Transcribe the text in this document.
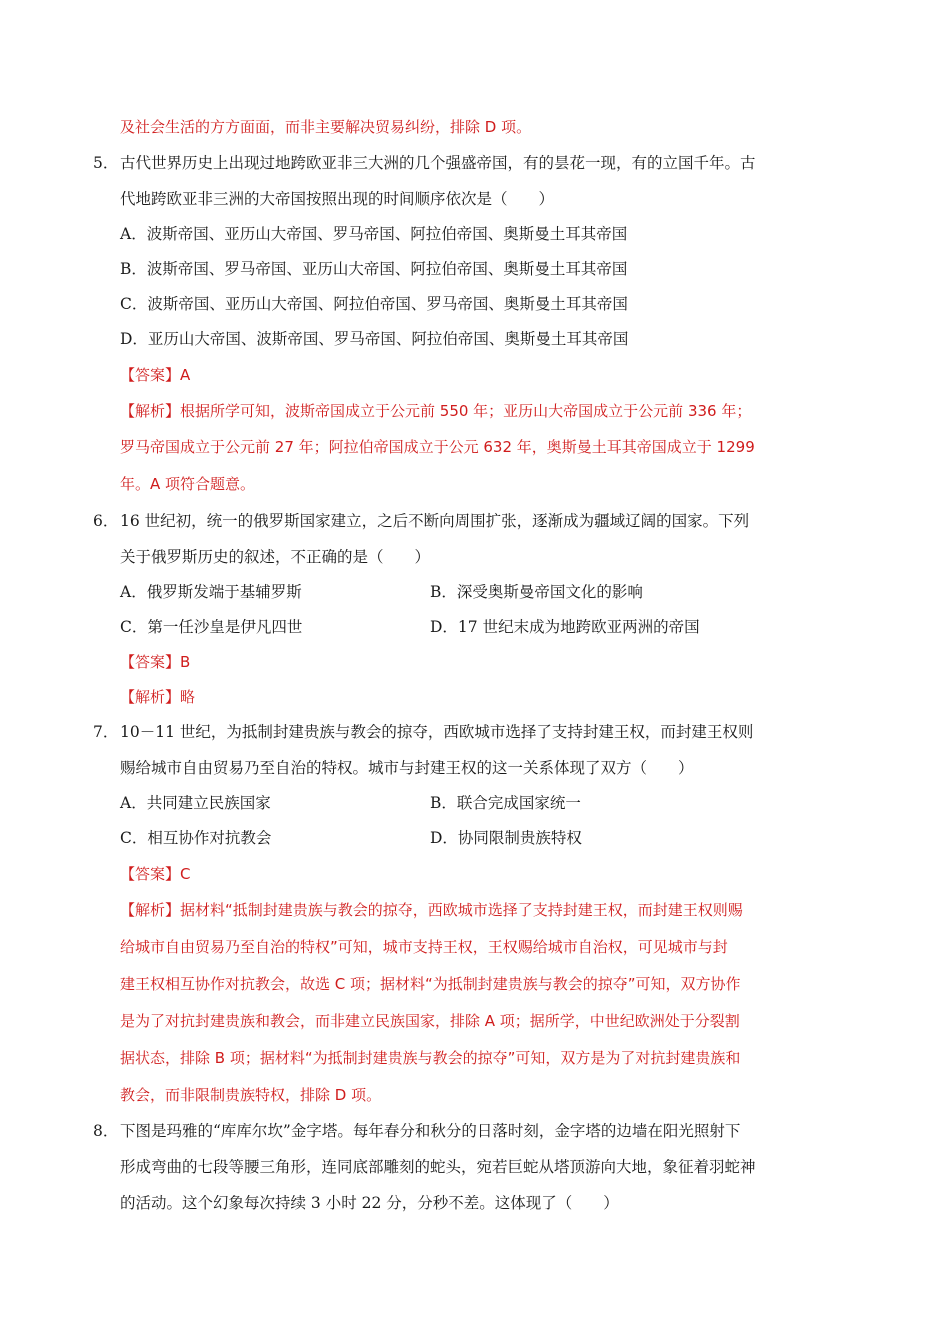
及社会生活的方方面面，而非主要解决贸易纠纷，排除 D 项。
5． 古代世界历史上出现过地跨欧亚非三大洲的几个强盛帝国，有的昙花一现，有的立国千年。古
代地跨欧亚非三洲的大帝国按照出现的时间顺序依次是（　　）
A．波斯帝国、亚历山大帝国、罗马帝国、阿拉伯帝国、奥斯曼土耳其帝国
B．波斯帝国、罗马帝国、亚历山大帝国、阿拉伯帝国、奥斯曼土耳其帝国
C．波斯帝国、亚历山大帝国、阿拉伯帝国、罗马帝国、奥斯曼土耳其帝国
D．亚历山大帝国、波斯帝国、罗马帝国、阿拉伯帝国、奥斯曼土耳其帝国
【答案】A
【解析】根据所学可知，波斯帝国成立于公元前 550 年；亚历山大帝国成立于公元前 336 年；
罗马帝国成立于公元前 27 年；阿拉伯帝国成立于公元 632 年，奥斯曼土耳其帝国成立于 1299
年。A 项符合题意。
6． 16 世纪初，统一的俄罗斯国家建立，之后不断向周围扩张，逐渐成为疆域辽阔的国家。下列
关于俄罗斯历史的叙述，不正确的是（　　）
A．俄罗斯发端于基辅罗斯	B．深受奥斯曼帝国文化的影响
C．第一任沙皇是伊凡四世	D．17 世纪末成为地跨欧亚两洲的帝国
【答案】B
【解析】略
7． 10－11 世纪，为抵制封建贵族与教会的掠夺，西欧城市选择了支持封建王权，而封建王权则
赐给城市自由贸易乃至自治的特权。城市与封建王权的这一关系体现了双方（　　）
A．共同建立民族国家	B．联合完成国家统一
C．相互协作对抗教会	D．协同限制贵族特权
【答案】C
【解析】据材料“抵制封建贵族与教会的掠夺，西欧城市选择了支持封建王权，而封建王权则赐
给城市自由贸易乃至自治的特权”可知，城市支持王权，王权赐给城市自治权，可见城市与封
建王权相互协作对抗教会，故选 C 项；据材料“为抵制封建贵族与教会的掠夺”可知，双方协作
是为了对抗封建贵族和教会，而非建立民族国家，排除 A 项；据所学，中世纪欧洲处于分裂割
据状态，排除 B 项；据材料“为抵制封建贵族与教会的掠夺”可知，双方是为了对抗封建贵族和
教会，而非限制贵族特权，排除 D 项。
8． 下图是玛雅的“库库尔坎”金字塔。每年春分和秋分的日落时刻，金字塔的边墙在阳光照射下
形成弯曲的七段等腰三角形，连同底部雕刻的蛇头，宛若巨蛇从塔顶游向大地，象征着羽蛇神
的活动。这个幻象每次持续 3 小时 22 分，分秒不差。这体现了（　　）
